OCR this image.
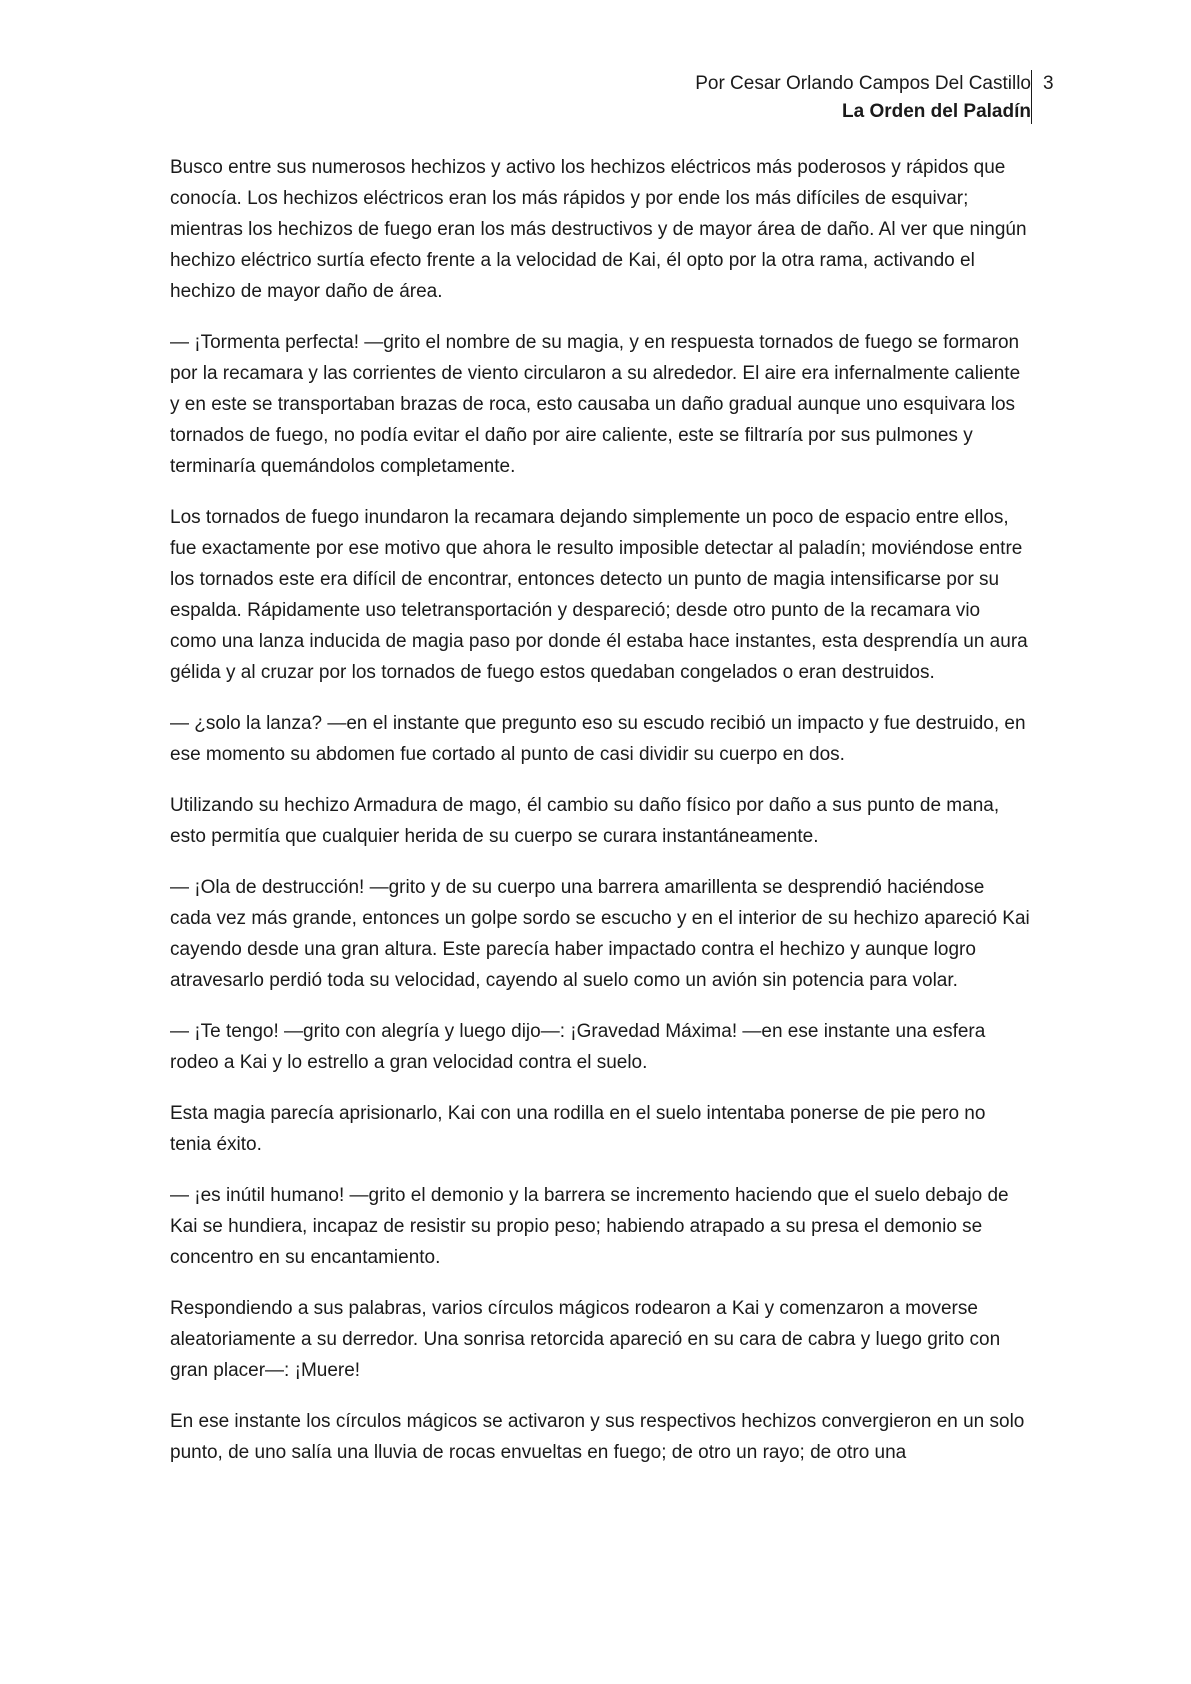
Por Cesar Orlando Campos Del Castillo
La Orden del Paladín
3

Busco entre sus numerosos hechizos y activo los hechizos eléctricos más poderosos y rápidos que conocía. Los hechizos eléctricos eran los más rápidos y por ende los más difíciles de esquivar; mientras los hechizos de fuego eran los más destructivos y de mayor área de daño. Al ver que ningún hechizo eléctrico surtía efecto frente a la velocidad de Kai, él opto por la otra rama, activando el hechizo de mayor daño de área.

— ¡Tormenta perfecta! —grito el nombre de su magia, y en respuesta tornados de fuego se formaron por la recamara y las corrientes de viento circularon a su alrededor. El aire era infernalmente caliente y en este se transportaban brazas de roca, esto causaba un daño gradual aunque uno esquivara los tornados de fuego, no podía evitar el daño por aire caliente, este se filtraría por sus pulmones y terminaría quemándolos completamente.

Los tornados de fuego inundaron la recamara dejando simplemente un poco de espacio entre ellos, fue exactamente por ese motivo que ahora le resulto imposible detectar al paladín; moviéndose entre los tornados este era difícil de encontrar, entonces detecto un punto de magia intensificarse por su espalda. Rápidamente uso teletransportación y despareció; desde otro punto de la recamara vio como una lanza inducida de magia paso por donde él estaba hace instantes, esta desprendía un aura gélida y al cruzar por los tornados de fuego estos quedaban congelados o eran destruidos.

— ¿solo la lanza? —en el instante que pregunto eso su escudo recibió un impacto y fue destruido, en ese momento su abdomen fue cortado al punto de casi dividir su cuerpo en dos.

Utilizando su hechizo Armadura de mago, él cambio su daño físico por daño a sus punto de mana, esto permitía que cualquier herida de su cuerpo se curara instantáneamente.

— ¡Ola de destrucción! —grito y de su cuerpo una barrera amarillenta se desprendió haciéndose cada vez más grande, entonces un golpe sordo se escucho y en el interior de su hechizo apareció Kai cayendo desde una gran altura. Este parecía haber impactado contra el hechizo y aunque logro atravesarlo perdió toda su velocidad, cayendo al suelo como un avión sin potencia para volar.

— ¡Te tengo! —grito con alegría y luego dijo—: ¡Gravedad Máxima! —en ese instante una esfera rodeo a Kai y lo estrello a gran velocidad contra el suelo.

Esta magia parecía aprisionarlo, Kai con una rodilla en el suelo intentaba ponerse de pie pero no tenia éxito.

— ¡es inútil humano! —grito el demonio y la barrera se incremento haciendo que el suelo debajo de Kai se hundiera, incapaz de resistir su propio peso; habiendo atrapado a su presa el demonio se concentro en su encantamiento.

Respondiendo a sus palabras, varios círculos mágicos rodearon a Kai y comenzaron a moverse aleatoriamente a su derredor. Una sonrisa retorcida apareció en su cara de cabra y luego grito con gran placer—: ¡Muere!

En ese instante los círculos mágicos se activaron y sus respectivos hechizos convergieron en un solo punto, de uno salía una lluvia de rocas envueltas en fuego; de otro un rayo; de otro una
